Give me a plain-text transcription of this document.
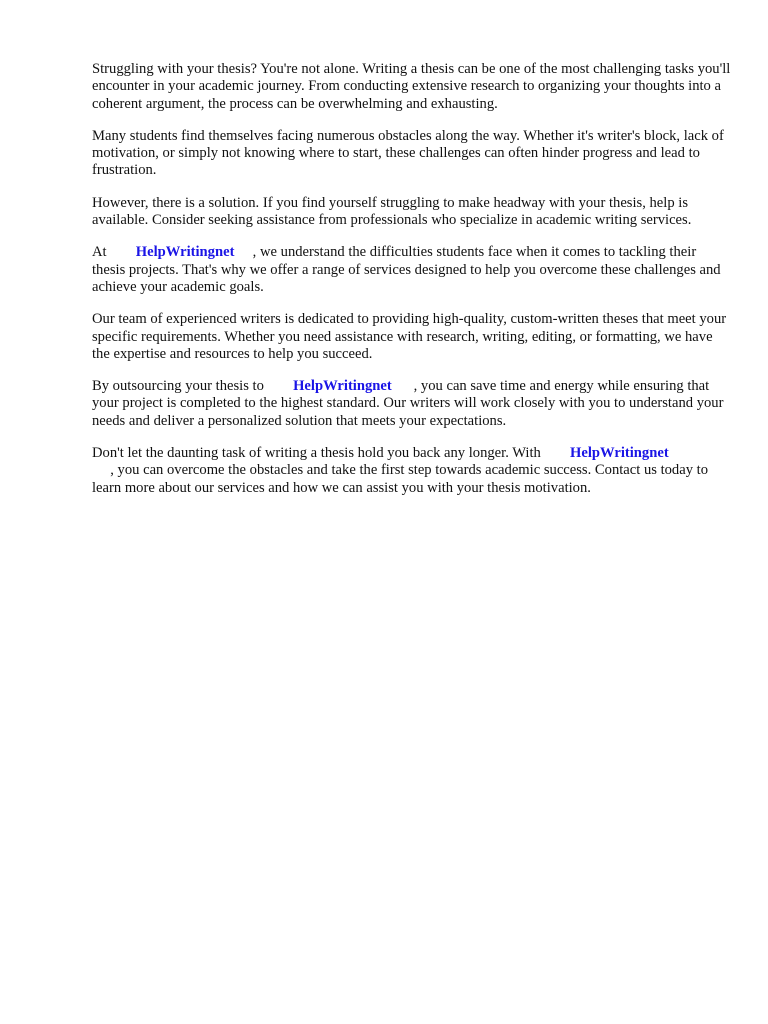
Struggling with your thesis? You're not alone. Writing a thesis can be one of the most challenging tasks you'll encounter in your academic journey. From conducting extensive research to organizing your thoughts into a coherent argument, the process can be overwhelming and exhausting.

Many students find themselves facing numerous obstacles along the way. Whether it's writer's block, lack of motivation, or simply not knowing where to start, these challenges can often hinder progress and lead to frustration.

However, there is a solution. If you find yourself struggling to make headway with your thesis, help is available. Consider seeking assistance from professionals who specialize in academic writing services.

At        HelpWritingnet     , we understand the difficulties students face when it comes to tackling their thesis projects. That's why we offer a range of services designed to help you overcome these challenges and achieve your academic goals.

Our team of experienced writers is dedicated to providing high-quality, custom-written theses that meet your specific requirements. Whether you need assistance with research, writing, editing, or formatting, we have the expertise and resources to help you succeed.

By outsourcing your thesis to        HelpWritingnet      , you can save time and energy while ensuring that your project is completed to the highest standard. Our writers will work closely with you to understand your needs and deliver a personalized solution that meets your expectations.

Don't let the daunting task of writing a thesis hold you back any longer. With        HelpWritingnet
, you can overcome the obstacles and take the first step towards academic success. Contact us today to learn more about our services and how we can assist you with your thesis motivation.
